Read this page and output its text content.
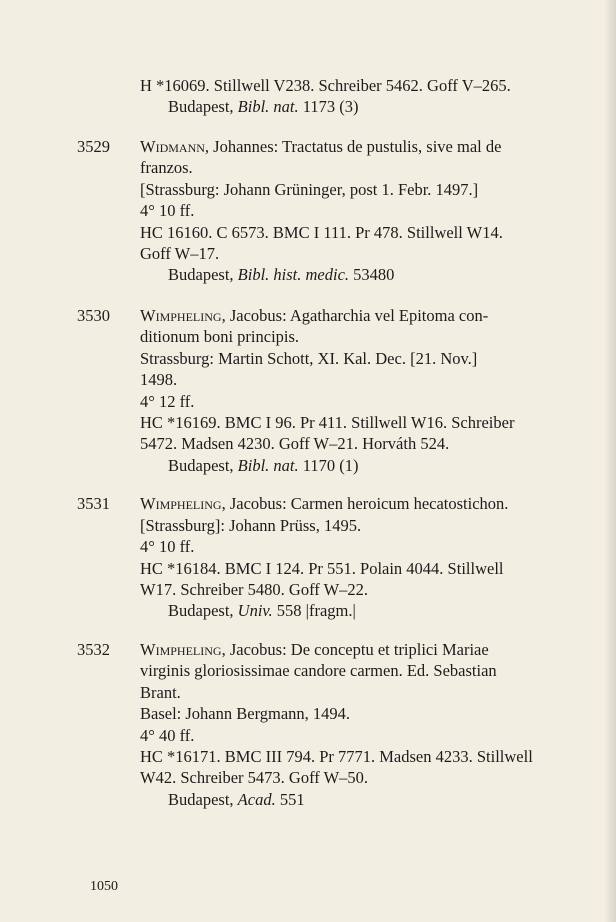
H *16069. Stillwell V238. Schreiber 5462. Goff V–265.
Budapest, Bibl. nat. 1173 (3)
3529 Widmann, Johannes: Tractatus de pustulis, sive mal de
franzos.
[Strassburg: Johann Grüninger, post 1. Febr. 1497.]
4° 10 ff.
HC 16160. C 6573. BMC I 111. Pr 478. Stillwell W14.
Goff W–17.
Budapest, Bibl. hist. medic. 53480
3530 Wimpheling, Jacobus: Agatharchia vel Epitoma con-
ditionum boni principis.
Strassburg: Martin Schott, XI. Kal. Dec. [21. Nov.]
1498.
4° 12 ff.
HC *16169. BMC I 96. Pr 411. Stillwell W16. Schreiber
5472. Madsen 4230. Goff W–21. Horváth 524.
Budapest, Bibl. nat. 1170 (1)
3531 Wimpheling, Jacobus: Carmen heroicum hecatostichon.
[Strassburg]: Johann Prüss, 1495.
4° 10 ff.
HC *16184. BMC I 124. Pr 551. Polain 4044. Stillwell
W17. Schreiber 5480. Goff W–22.
Budapest, Univ. 558 |fragm.|
3532 Wimpheling, Jacobus: De conceptu et triplici Mariae
virginis gloriosissimae candore carmen. Ed. Sebastian
Brant.
Basel: Johann Bergmann, 1494.
4° 40 ff.
HC *16171. BMC III 794. Pr 7771. Madsen 4233. Stillwell
W42. Schreiber 5473. Goff W–50.
Budapest, Acad. 551
1050
